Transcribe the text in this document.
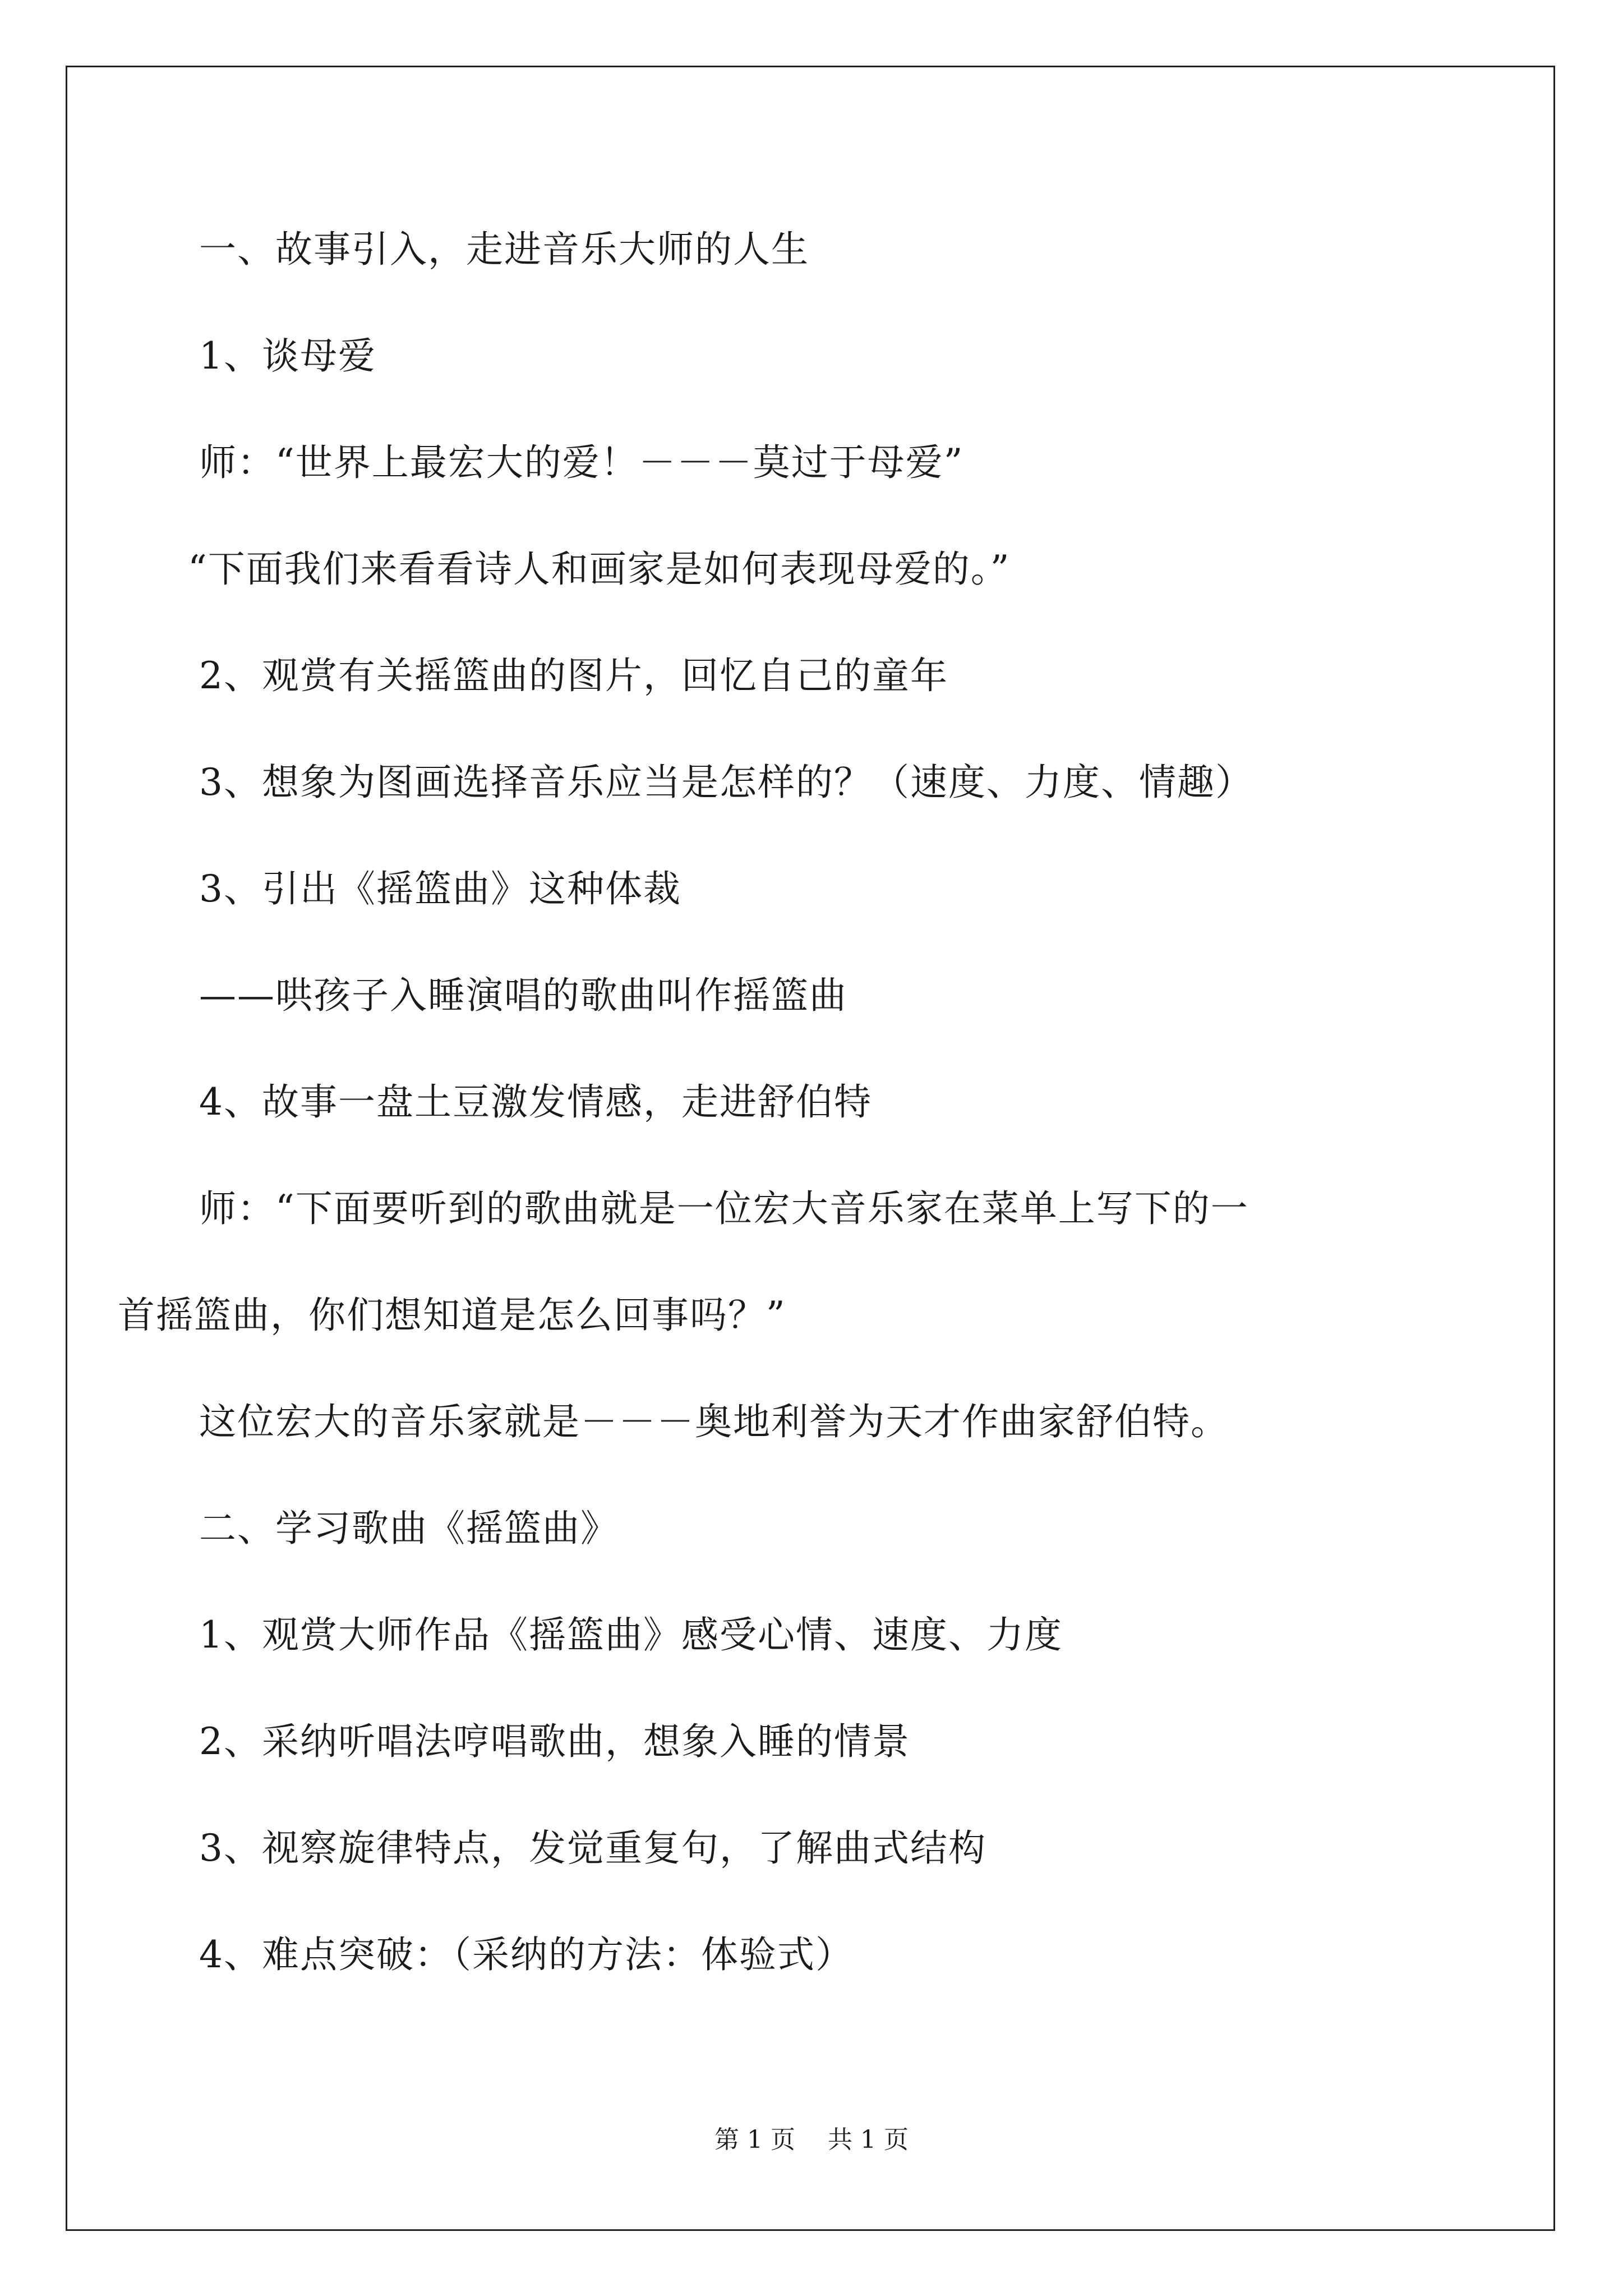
一、故事引入，走进音乐大师的人生
1、谈母爱
师：“世界上最宏大的爱！－－－莫过于母爱”
“下面我们来看看诗人和画家是如何表现母爱的。”
2、观赏有关摇篮曲的图片，回忆自己的童年
3、想象为图画选择音乐应当是怎样的？（速度、力度、情趣）
3、引出《摇篮曲》这种体裁
——哄孩子入睡演唱的歌曲叫作摇篮曲
4、故事一盘土豆激发情感，走进舒伯特
师：“下面要听到的歌曲就是一位宏大音乐家在菜单上写下的一
首摇篮曲，你们想知道是怎么回事吗？”
这位宏大的音乐家就是－－－奥地利誉为天才作曲家舒伯特。
二、学习歌曲《摇篮曲》
1、观赏大师作品《摇篮曲》感受心情、速度、力度
2、采纳听唱法哼唱歌曲，想象入睡的情景
3、视察旋律特点，发觉重复句，了解曲式结构
4、难点突破：（采纳的方法：体验式）
第 1 页 共 1 页
